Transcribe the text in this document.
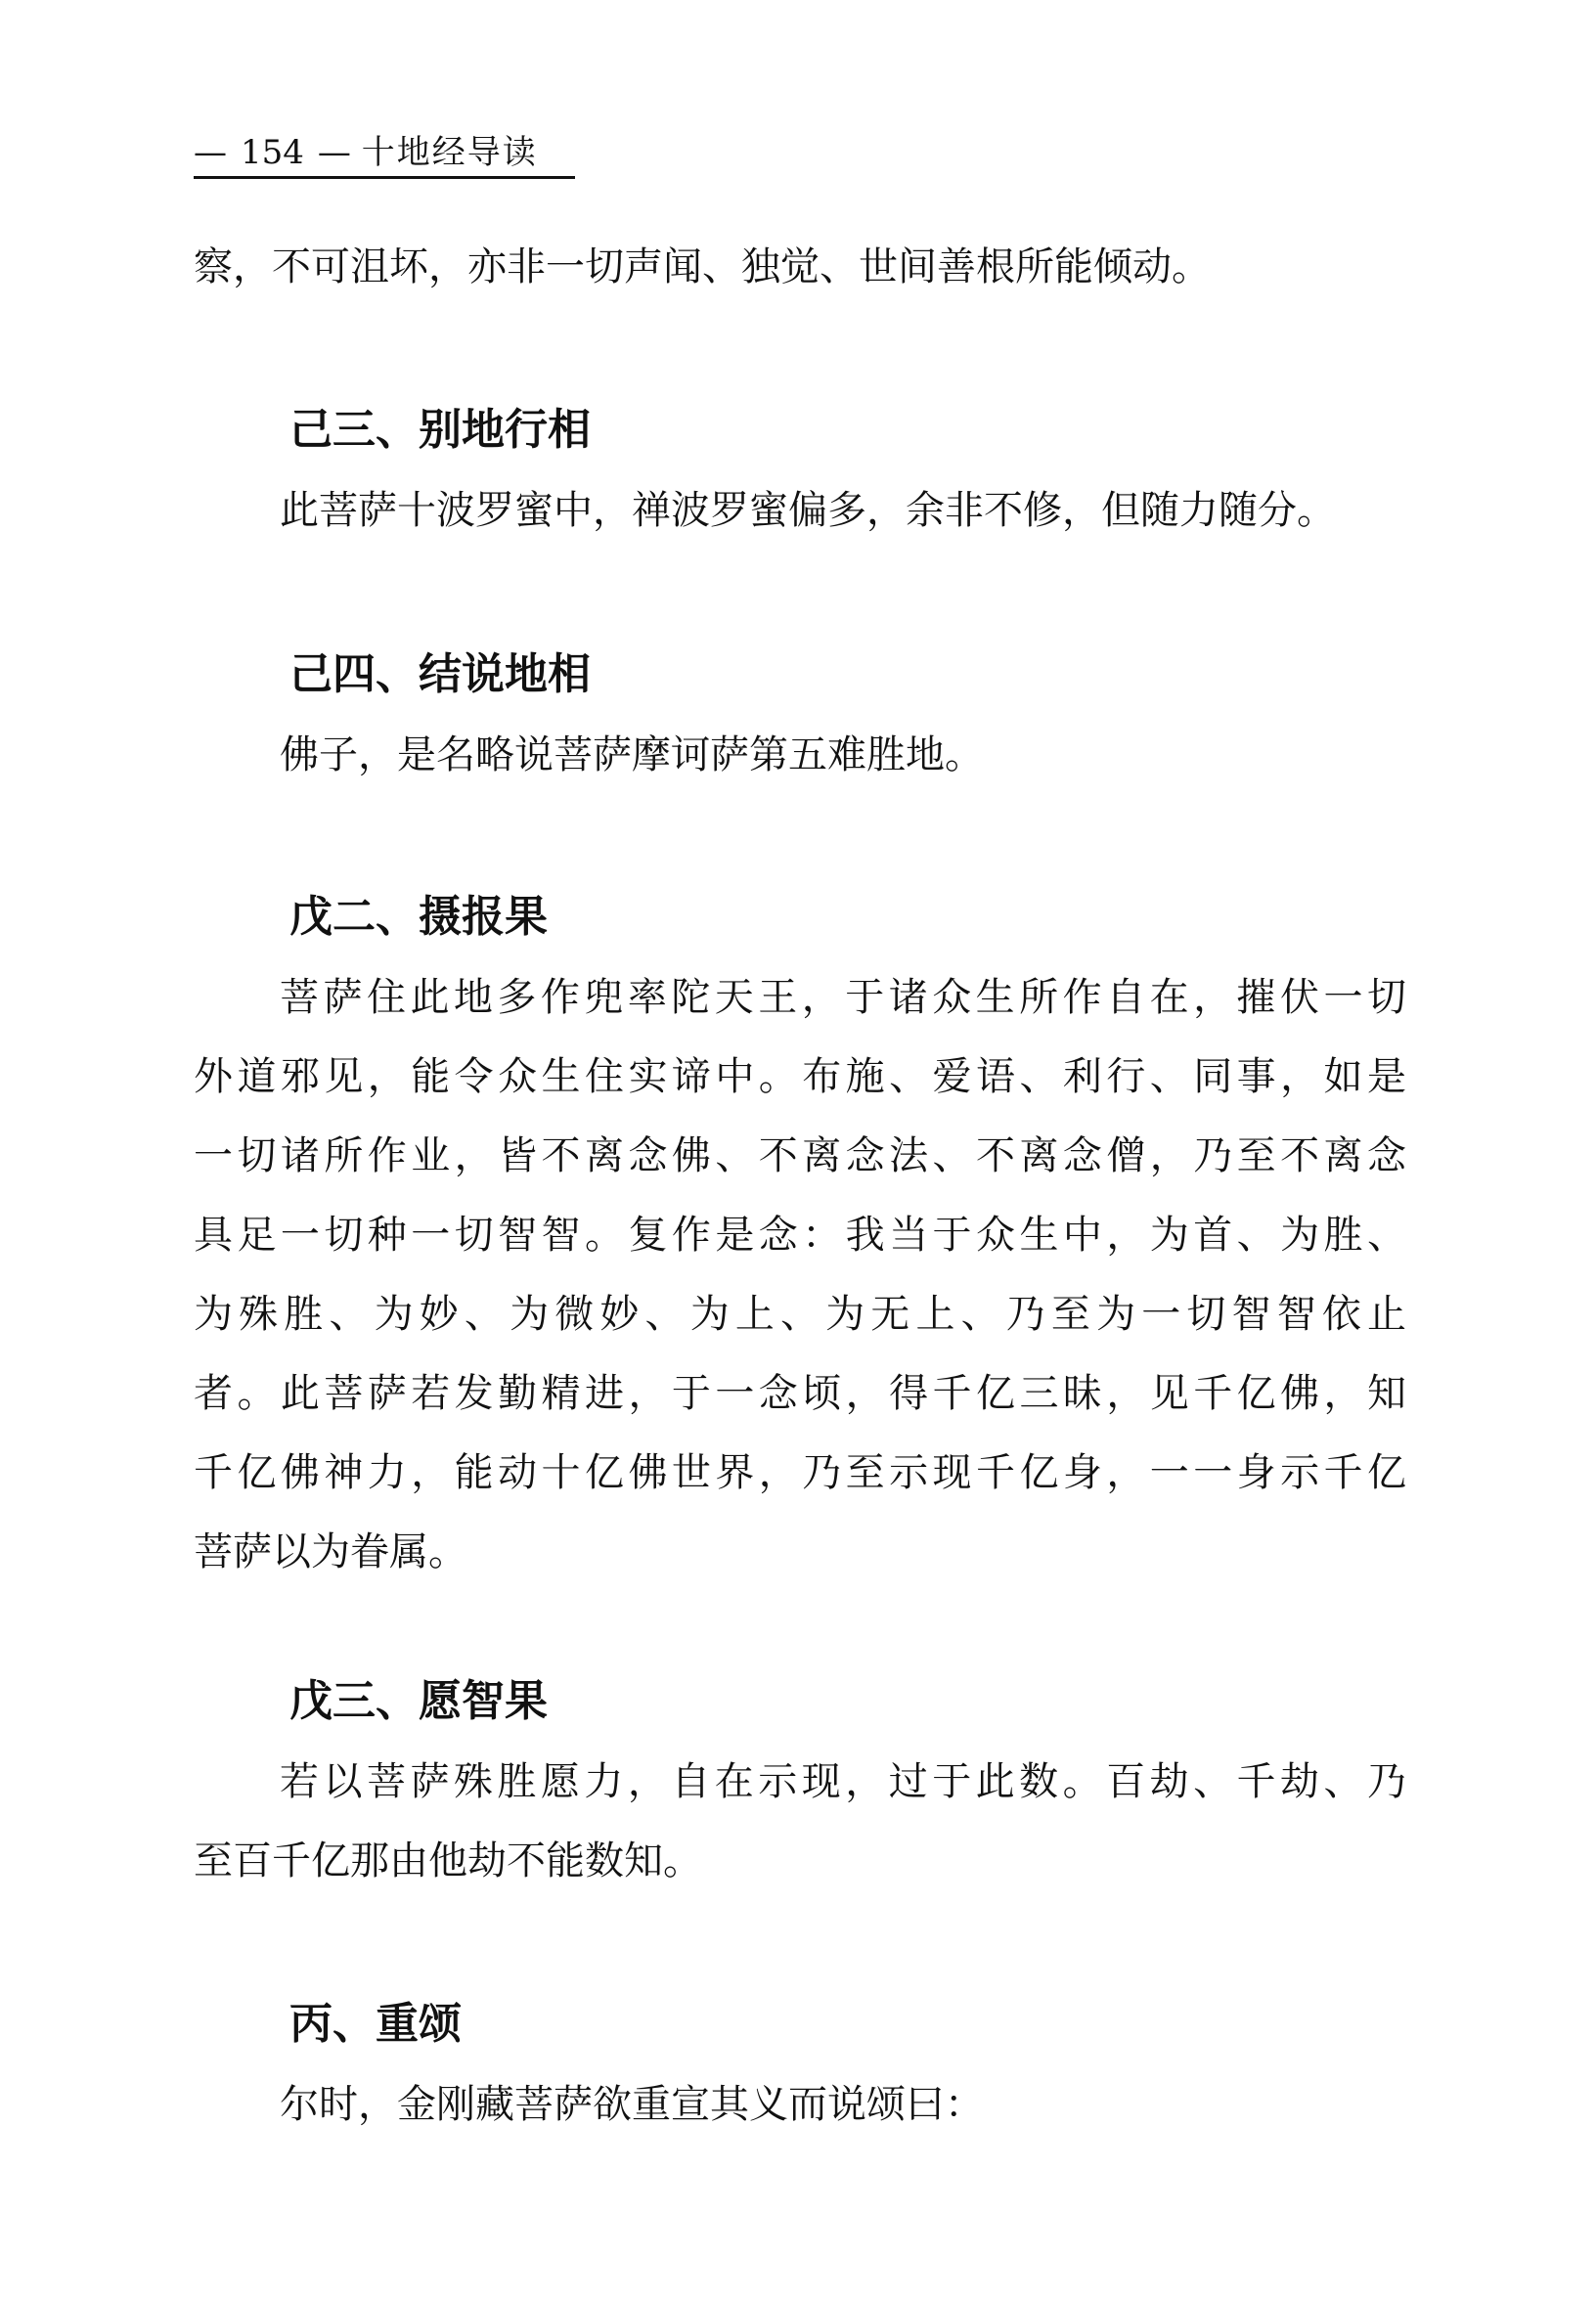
— 154 — 十地经导读

察，不可沮坏，亦非一切声闻、独觉、世间善根所能倾动。

己三、别地行相

此菩萨十波罗蜜中，禅波罗蜜偏多，余非不修，但随力随分。

己四、结说地相

佛子，是名略说菩萨摩诃萨第五难胜地。

戊二、摄报果
菩萨住此地多作兜率陀天王，于诸众生所作自在，摧伏一切
外道邪见，能令众生住实谛中。布施、爱语、利行、同事，如是
一切诸所作业，皆不离念佛、不离念法、不离念僧，乃至不离念
具足一切种一切智智。复作是念：我当于众生中，为首、为胜、
为殊胜、为妙、为微妙、为上、为无上、乃至为一切智智依止
者。此菩萨若发勤精进，于一念顷，得千亿三昧，见千亿佛，知
千亿佛神力，能动十亿佛世界，乃至示现千亿身，一一身示千亿
菩萨以为眷属。
戊三、愿智果
若以菩萨殊胜愿力，自在示现，过于此数。百劫、千劫、乃
至百千亿那由他劫不能数知。
丙、重颂

尔时，金刚藏菩萨欲重宣其义而说颂曰：
